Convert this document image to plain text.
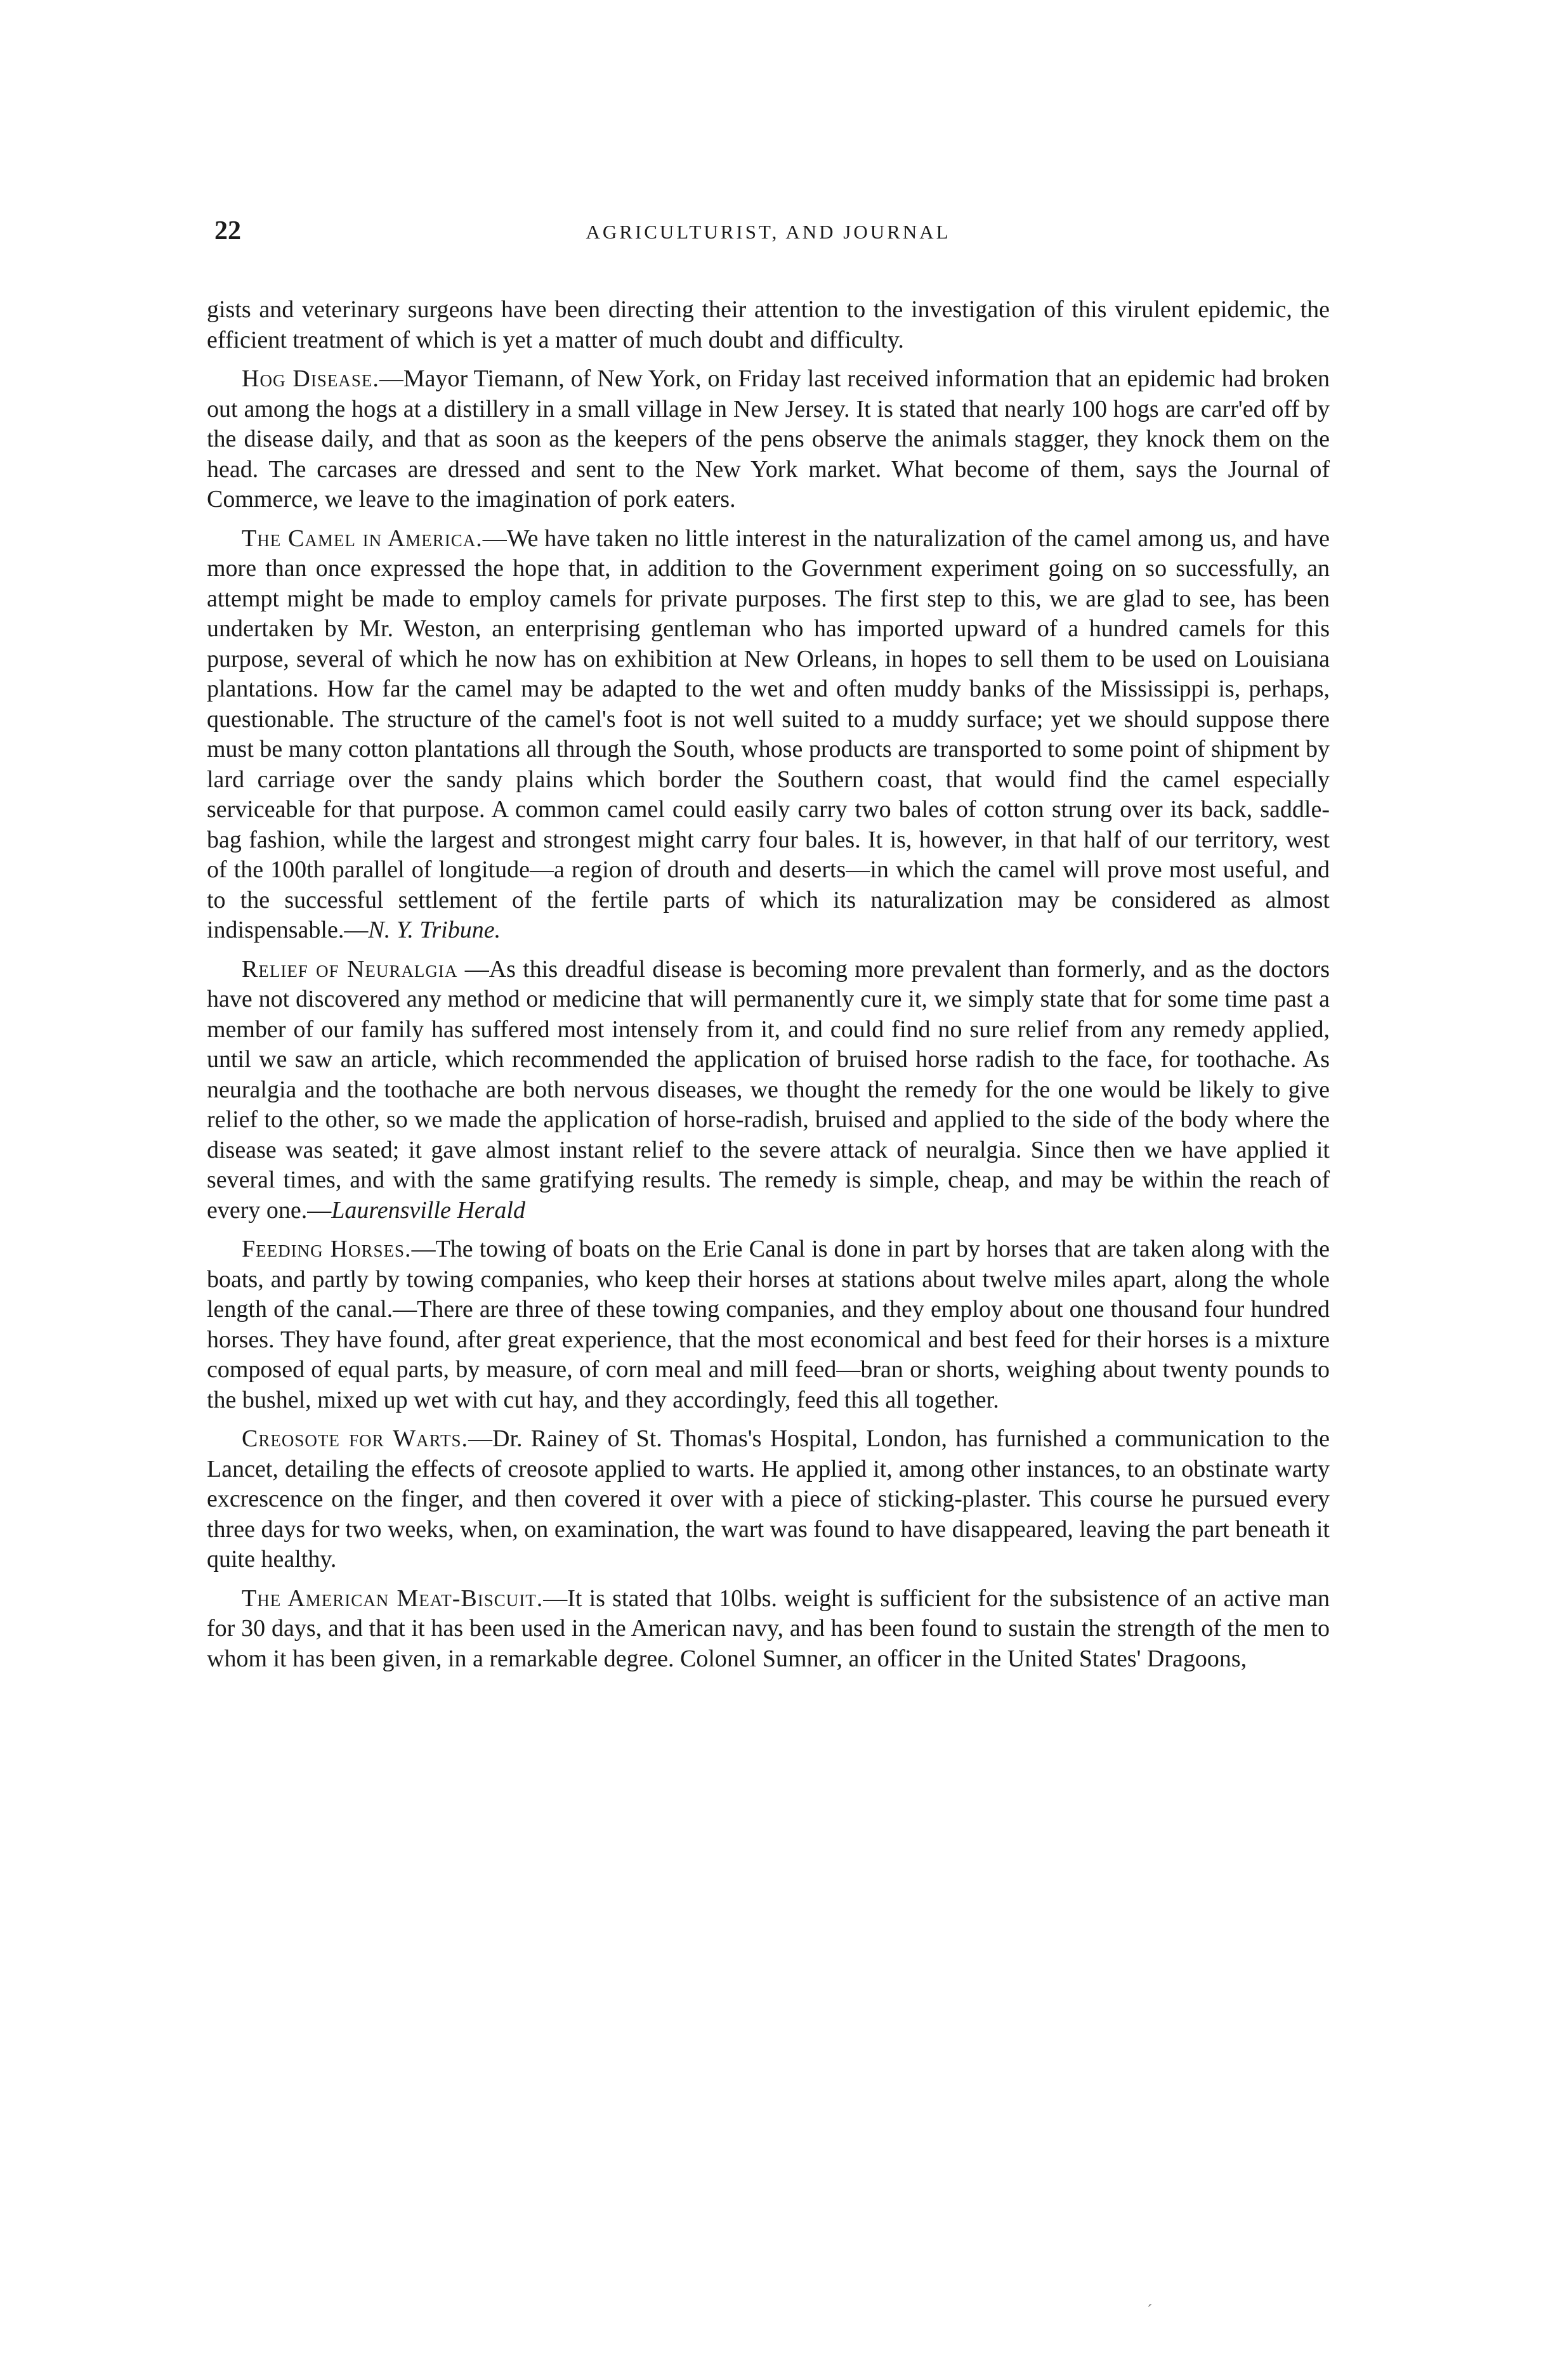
22	AGRICULTURIST, AND JOURNAL

gists and veterinary surgeons have been directing their attention to the investigation of this virulent epidemic, the efficient treatment of which is yet a matter of much doubt and difficulty.

Hog Disease.—Mayor Tiemann, of New York, on Friday last received information that an epidemic had broken out among the hogs at a distillery in a small village in New Jersey. It is stated that nearly 100 hogs are carr'ed off by the disease daily, and that as soon as the keepers of the pens observe the animals stagger, they knock them on the head. The carcases are dressed and sent to the New York market. What become of them, says the Journal of Commerce, we leave to the imagination of pork eaters.

The Camel in America.—We have taken no little interest in the naturalization of the camel among us, and have more than once expressed the hope that, in addition to the Government experiment going on so successfully, an attempt might be made to employ camels for private purposes. The first step to this, we are glad to see, has been undertaken by Mr. Weston, an enterprising gentleman who has imported upward of a hundred camels for this purpose, several of which he now has on exhibition at New Orleans, in hopes to sell them to be used on Louisiana plantations. How far the camel may be adapted to the wet and often muddy banks of the Mississippi is, perhaps, questionable. The structure of the camel's foot is not well suited to a muddy surface; yet we should suppose there must be many cotton plantations all through the South, whose products are transported to some point of shipment by lard carriage over the sandy plains which border the Southern coast, that would find the camel especially serviceable for that purpose. A common camel could easily carry two bales of cotton strung over its back, saddle-bag fashion, while the largest and strongest might carry four bales. It is, however, in that half of our territory, west of the 100th parallel of longitude—a region of drouth and deserts—in which the camel will prove most useful, and to the successful settlement of the fertile parts of which its naturalization may be considered as almost indispensable.—N. Y. Tribune.

Relief of Neuralgia —As this dreadful disease is becoming more prevalent than formerly, and as the doctors have not discovered any method or medicine that will permanently cure it, we simply state that for some time past a member of our family has suffered most intensely from it, and could find no sure relief from any remedy applied, until we saw an article, which recommended the application of bruised horse radish to the face, for toothache. As neuralgia and the toothache are both nervous diseases, we thought the remedy for the one would be likely to give relief to the other, so we made the application of horse-radish, bruised and applied to the side of the body where the disease was seated; it gave almost instant relief to the severe attack of neuralgia. Since then we have applied it several times, and with the same gratifying results. The remedy is simple, cheap, and may be within the reach of every one.—Laurensville Herald

Feeding Horses.—The towing of boats on the Erie Canal is done in part by horses that are taken along with the boats, and partly by towing companies, who keep their horses at stations about twelve miles apart, along the whole length of the canal.—There are three of these towing companies, and they employ about one thousand four hundred horses. They have found, after great experience, that the most economical and best feed for their horses is a mixture composed of equal parts, by measure, of corn meal and mill feed—bran or shorts, weighing about twenty pounds to the bushel, mixed up wet with cut hay, and they accordingly, feed this all together.

Creosote for Warts.—Dr. Rainey of St. Thomas's Hospital, London, has furnished a communication to the Lancet, detailing the effects of creosote applied to warts. He applied it, among other instances, to an obstinate warty excrescence on the finger, and then covered it over with a piece of sticking-plaster. This course he pursued every three days for two weeks, when, on examination, the wart was found to have disappeared, leaving the part beneath it quite healthy.

The American Meat-Biscuit.—It is stated that 10lbs. weight is sufficient for the subsistence of an active man for 30 days, and that it has been used in the American navy, and has been found to sustain the strength of the men to whom it has been given, in a remarkable degree. Colonel Sumner, an officer in the United States' Dragoons,

ˊ
